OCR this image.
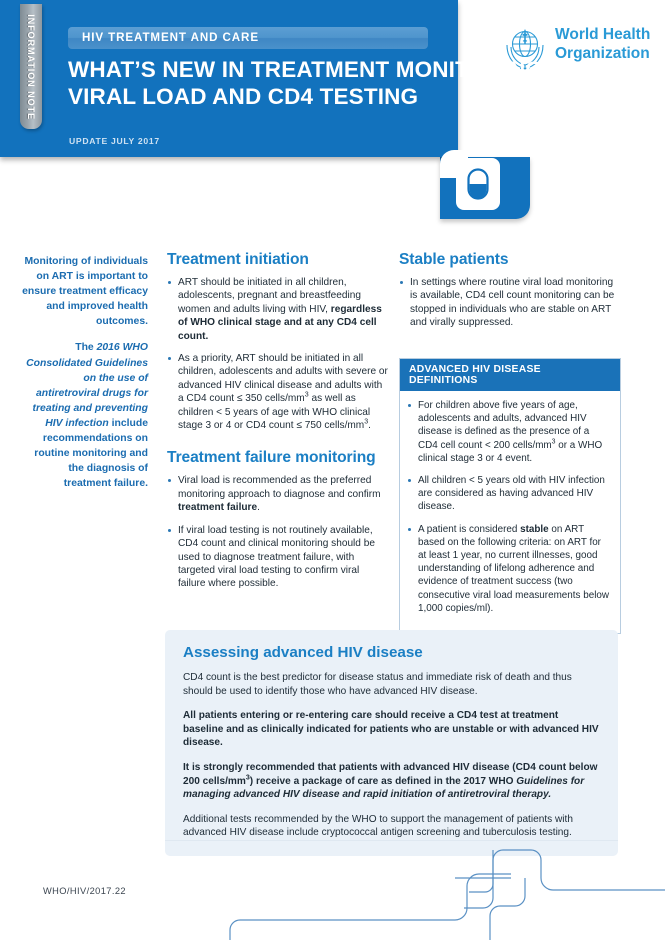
INFORMATION NOTE	HIV TREATMENT AND CARE
WHAT’S NEW IN TREATMENT MONITORING:
VIRAL LOAD AND CD4 TESTING
UPDATE JULY 2017
World Health
Organization

Monitoring of individuals on ART is important to ensure treatment efficacy and improved health outcomes.

The 2016 WHO Consolidated Guidelines on the use of antiretroviral drugs for treating and preventing HIV infection include recommendations on routine monitoring and the diagnosis of treatment failure.

Treatment initiation
ART should be initiated in all children, adolescents, pregnant and breastfeeding women and adults living with HIV, regardless of WHO clinical stage and at any CD4 cell count.
As a priority, ART should be initiated in all children, adolescents and adults with severe or advanced HIV clinical disease and adults with a CD4 count ≤ 350 cells/$mm^3$ as well as children < 5 years of age with WHO clinical stage 3 or 4 or CD4 count ≤ 750 cells/$mm^3$.
Treatment failure monitoring
Viral load is recommended as the preferred monitoring approach to diagnose and confirm treatment failure.
If viral load testing is not routinely available, CD4 count and clinical monitoring should be used to diagnose treatment failure, with targeted viral load testing to confirm viral failure where possible.
Stable patients
In settings where routine viral load monitoring is available, CD4 cell count monitoring can be stopped in individuals who are stable on ART and virally suppressed.
ADVANCED HIV DISEASE DEFINITIONS
For children above five years of age, adolescents and adults, advanced HIV disease is defined as the presence of a CD4 cell count < 200 cells/$mm^3$ or a WHO clinical stage 3 or 4 event.
All children < 5 years old with HIV infection are considered as having advanced HIV disease.
A patient is considered stable on ART based on the following criteria: on ART for at least 1 year, no current illnesses, good understanding of lifelong adherence and evidence of treatment success (two consecutive viral load measurements below 1,000 copies/ml).
Assessing advanced HIV disease

CD4 count is the best predictor for disease status and immediate risk of death and thus should be used to identify those who have advanced HIV disease.

All patients entering or re-entering care should receive a CD4 test at treatment baseline and as clinically indicated for patients who are unstable or with advanced HIV disease.

It is strongly recommended that patients with advanced HIV disease (CD4 count below 200 cells/$mm^3$) receive a package of care as defined in the 2017 WHO Guidelines for managing advanced HIV disease and rapid initiation of antiretroviral therapy.

Additional tests recommended by the WHO to support the management of patients with advanced HIV disease include cryptococcal antigen screening and tuberculosis testing.

WHO/HIV/2017.22
